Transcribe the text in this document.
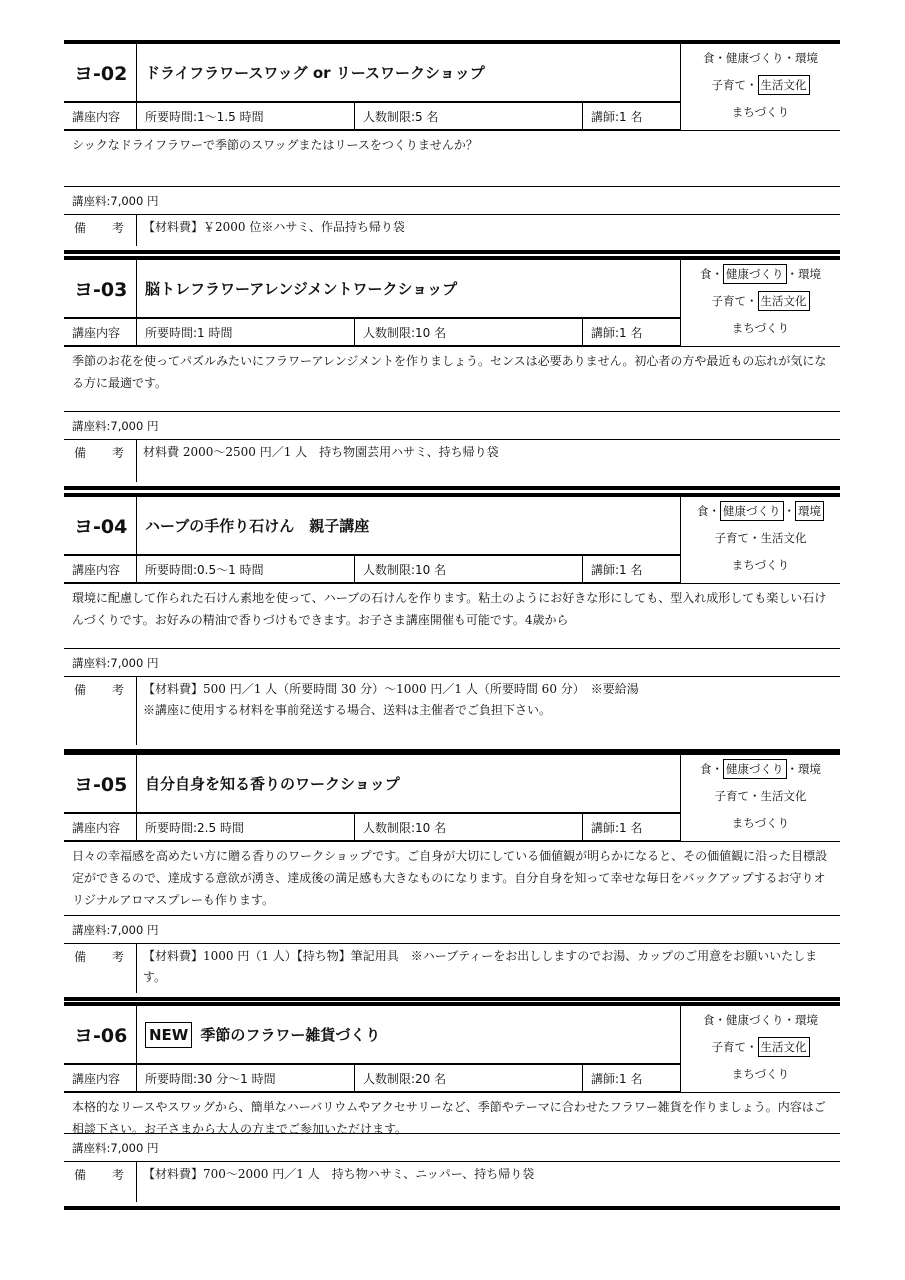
ヨ-02	ドライフラワースワッグ or リースワークショップ
講座内容	所要時間:1～1.5 時間	人数制限:5 名	講師:1 名
食・健康づくり・環境
子育て・ 生活文化
まちづくり
シックなドライフラワーで季節のスワッグまたはリースをつくりませんか？
講座料:7,000 円
備 考	【材料費】￥2000 位※ハサミ、作品持ち帰り袋
ヨ-03	脳トレフラワーアレンジメントワークショップ
講座内容	所要時間:1 時間	人数制限:10 名	講師:1 名
食・ 健康づくり ・環境
子育て・ 生活文化
まちづくり
季節のお花を使ってパズルみたいにフラワーアレンジメントを作りましょう。センスは必要ありません。初心者の方や最近もの忘れが気になる方に最適です。
講座料:7,000 円
備 考	材料費 2000～2500 円／1 人　持ち物園芸用ハサミ、持ち帰り袋
ヨ-04	ハーブの手作り石けん　親子講座
講座内容	所要時間:0.5～1 時間	人数制限:10 名	講師:1 名
食・ 健康づくり ・ 環境
子育て・生活文化
まちづくり
環境に配慮して作られた石けん素地を使って、ハーブの石けんを作ります。粘土のようにお好きな形にしても、型入れ成形しても楽しい石けんづくりです。お好みの精油で香りづけもできます。お子さま講座開催も可能です。4歳から
講座料:7,000 円
備 考	【材料費】500 円／1 人（所要時間 30 分）～1000 円／1 人（所要時間 60 分）　※要給湯
※講座に使用する材料を事前発送する場合、送料は主催者でご負担下さい。
ヨ-05	自分自身を知る香りのワークショップ
講座内容	所要時間:2.5 時間	人数制限:10 名	講師:1 名
食・ 健康づくり ・環境
子育て・生活文化
まちづくり
日々の幸福感を高めたい方に贈る香りのワークショップです。ご自身が大切にしている価値観が明らかになると、その価値観に沿った目標設定ができるので、達成する意欲が湧き、達成後の満足感も大きなものになります。自分自身を知って幸せな毎日をバックアップするお守りオリジナルアロマスプレーも作ります。
講座料:7,000 円
備 考	【材料費】1000 円（1 人）【持ち物】筆記用具　※ハーブティーをお出ししますのでお湯、カップのご用意をお願いいたします。
ヨ-06	NEW 季節のフラワー雑貨づくり
講座内容	所要時間:30 分～1 時間	人数制限:20 名	講師:1 名
食・健康づくり・環境
子育て・ 生活文化
まちづくり
本格的なリースやスワッグから、簡単なハーバリウムやアクセサリーなど、季節やテーマに合わせたフラワー雑貨を作りましょう。内容はご相談下さい。お子さまから大人の方までご参加いただけます。
講座料:7,000 円
備 考	【材料費】700～2000 円／1 人　持ち物ハサミ、ニッパー、持ち帰り袋
